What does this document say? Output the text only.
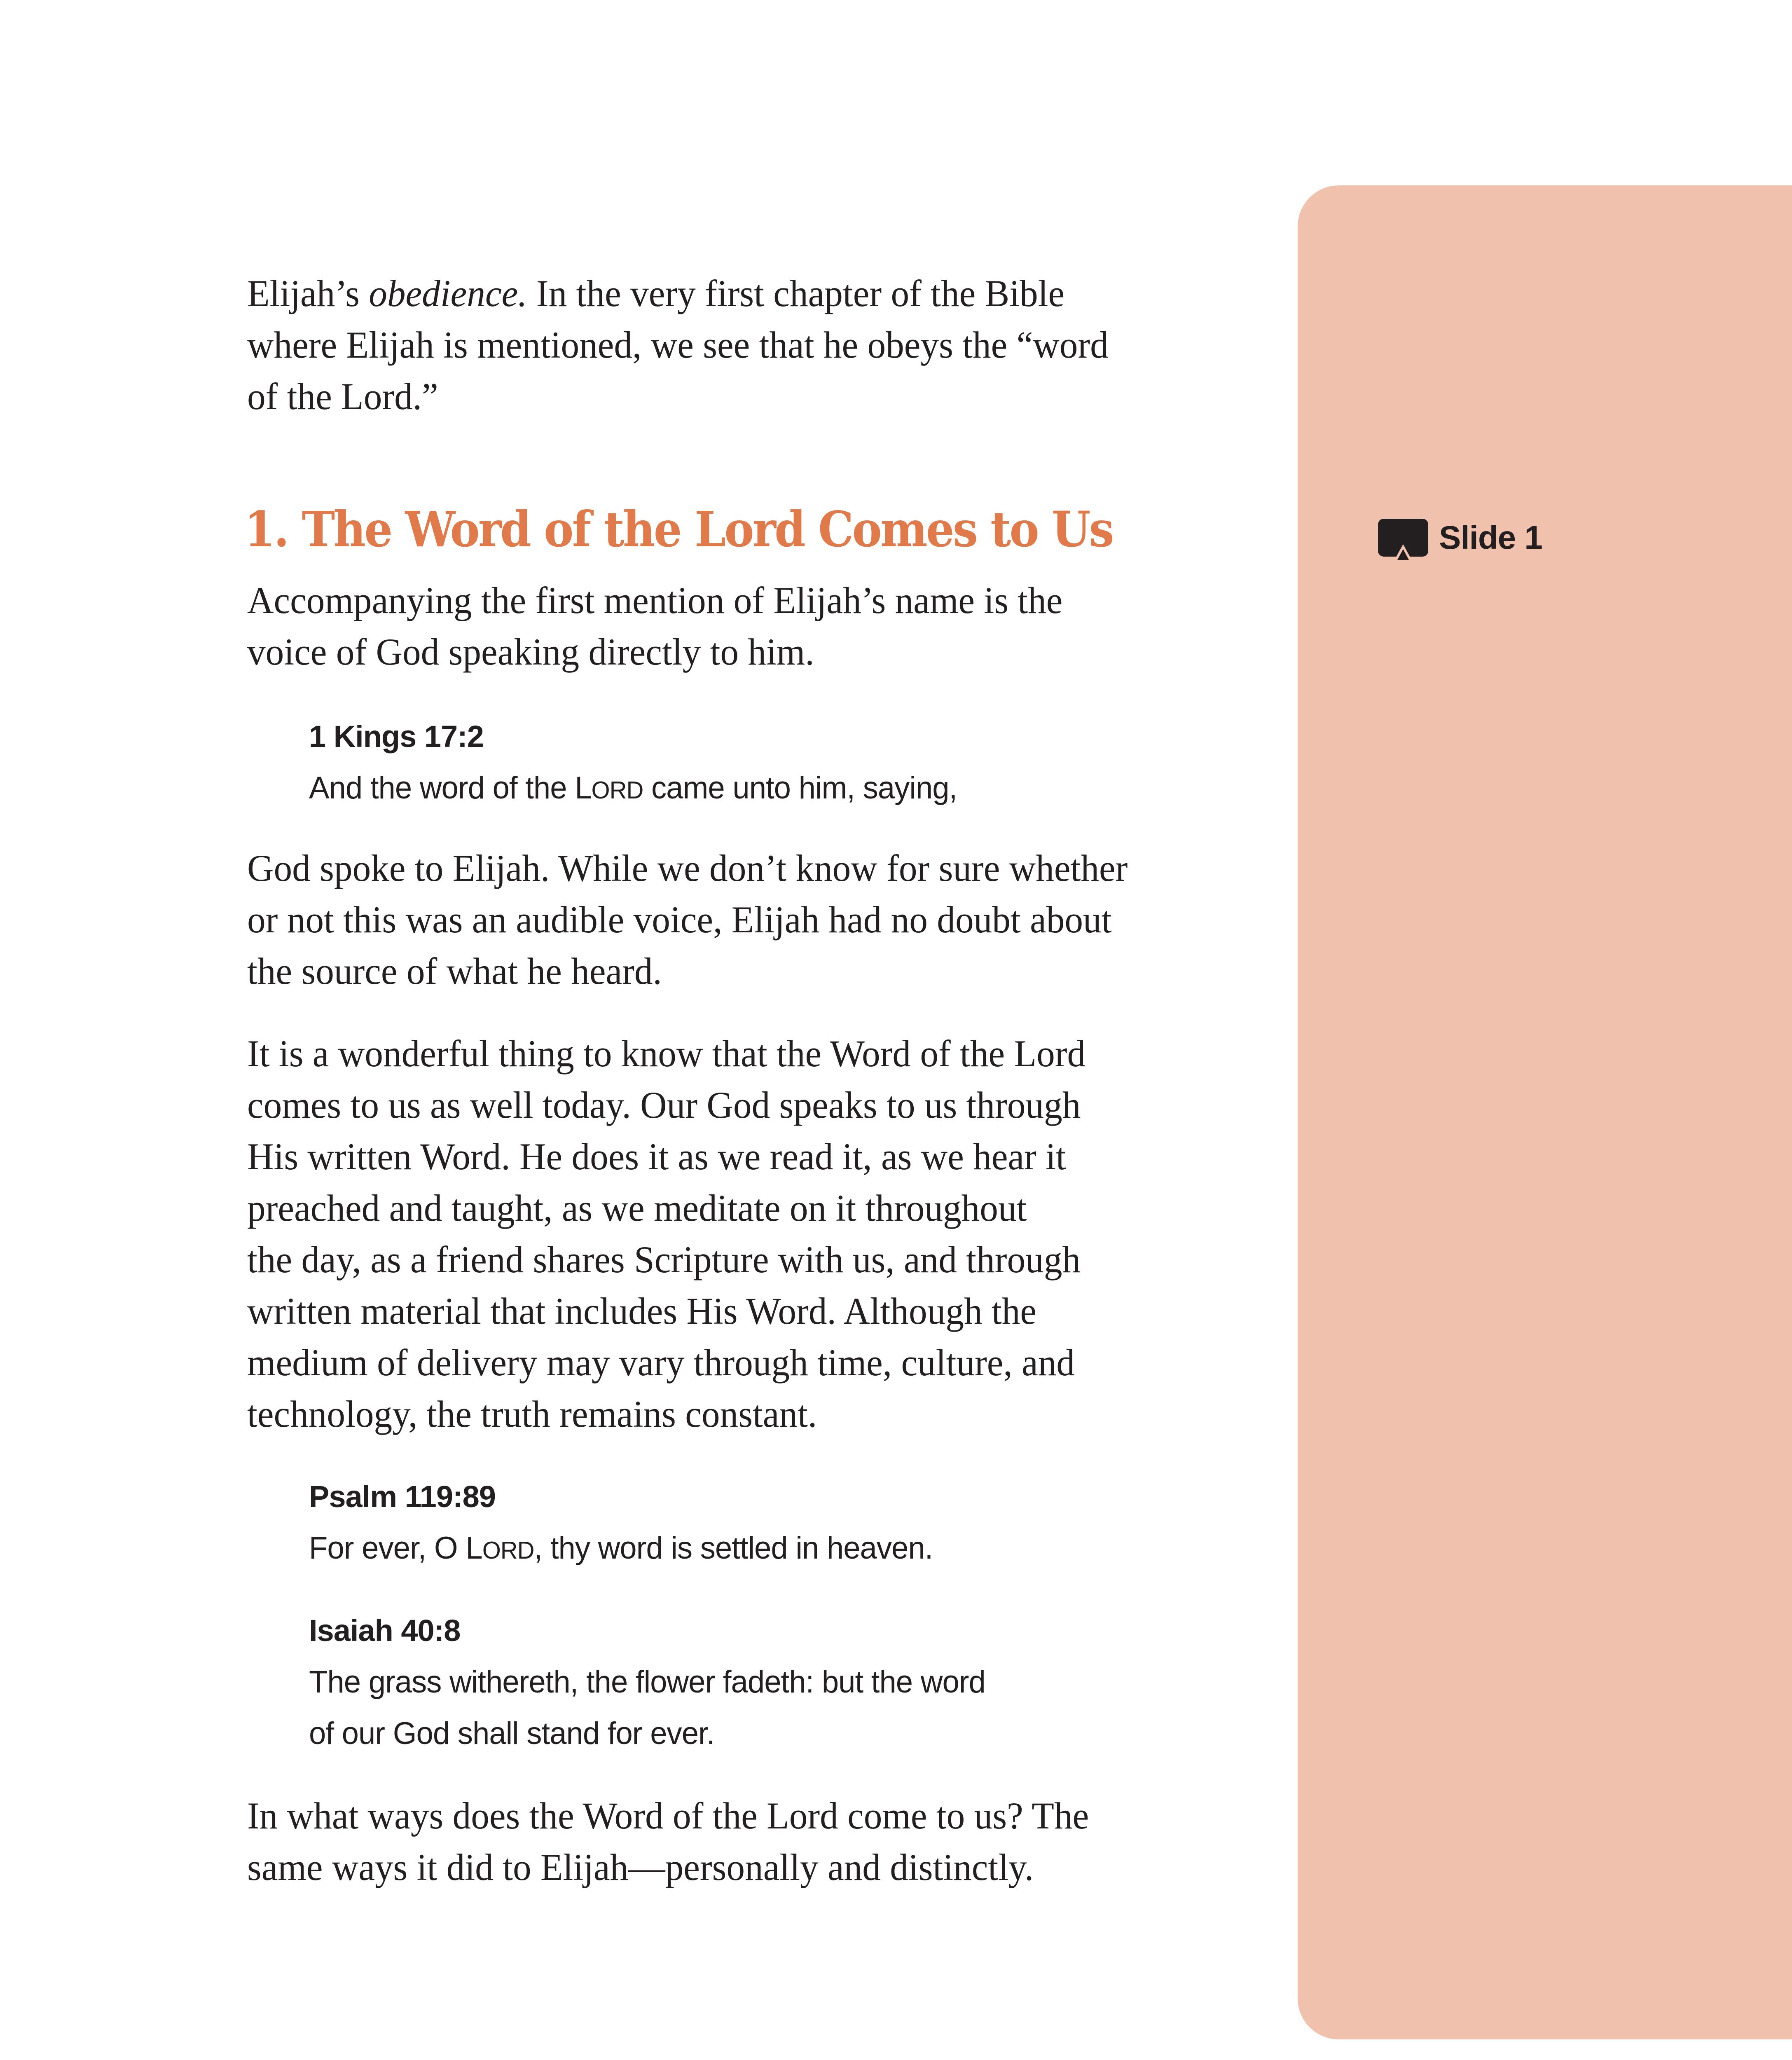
Slide 1
Elijah’s obedience. In the very first chapter of the Bible
where Elijah is mentioned, we see that he obeys the “word
of the Lord.”
1. The Word of the Lord Comes to Us
Accompanying the first mention of Elijah’s name is the
voice of God speaking directly to him.
1 Kings 17:2
And the word of the LORD came unto him, saying,
God spoke to Elijah. While we don’t know for sure whether
or not this was an audible voice, Elijah had no doubt about
the source of what he heard.
It is a wonderful thing to know that the Word of the Lord
comes to us as well today. Our God speaks to us through
His written Word. He does it as we read it, as we hear it
preached and taught, as we meditate on it throughout
the day, as a friend shares Scripture with us, and through
written material that includes His Word. Although the
medium of delivery may vary through time, culture, and
technology, the truth remains constant.
Psalm 119:89
For ever, O LORD, thy word is settled in heaven.
Isaiah 40:8
The grass withereth, the flower fadeth: but the word
of our God shall stand for ever.
In what ways does the Word of the Lord come to us? The
same ways it did to Elijah—personally and distinctly.
